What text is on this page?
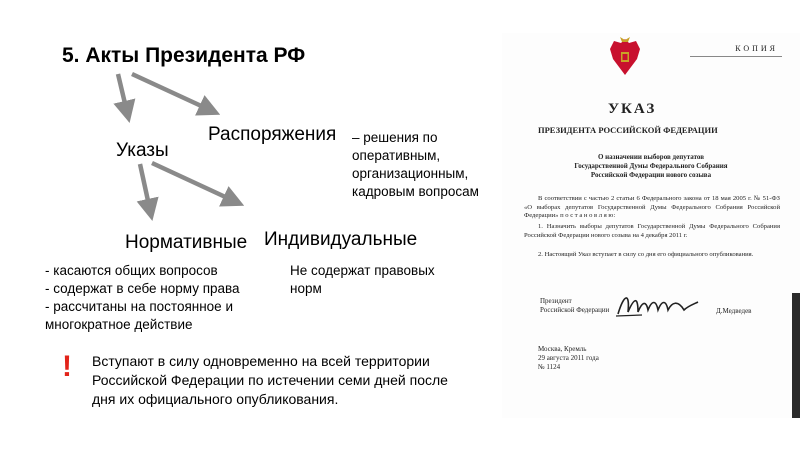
5. Акты Президента РФ
Указы
Распоряжения
Нормативные Индивидуальные
– решения по
оперативным,
организационным,
кадровым вопросам
- касаются общих вопросов
- содержат в себе норму права
- рассчитаны на постоянное и
многократное действие
Не содержат правовых
норм
! Вступают в силу одновременно на всей территории
Российской Федерации по истечении семи дней после
дня их официального опубликования.
КОПИЯ
УКАЗ
ПРЕЗИДЕНТА РОССИЙСКОЙ ФЕДЕРАЦИИ
О назначении выборов депутатов
Государственной Думы Федерального Собрания
Российской Федерации нового созыва
В соответствии с частью 2 статьи 6 Федерального закона от 18 мая 2005 г. № 51-ФЗ «О выборах депутатов Государственной Думы Федерального Собрания Российской Федерации» п о с т а н о в л я ю:
1. Назначить выборы депутатов Государственной Думы Федерального Собрания Российской Федерации нового созыва на 4 декабря 2011 г.
2. Настоящий Указ вступает в силу со дня его официального опубликования.
Президент
Российской Федерации	Д.Медведев
Москва, Кремль
29 августа 2011 года
№ 1124
